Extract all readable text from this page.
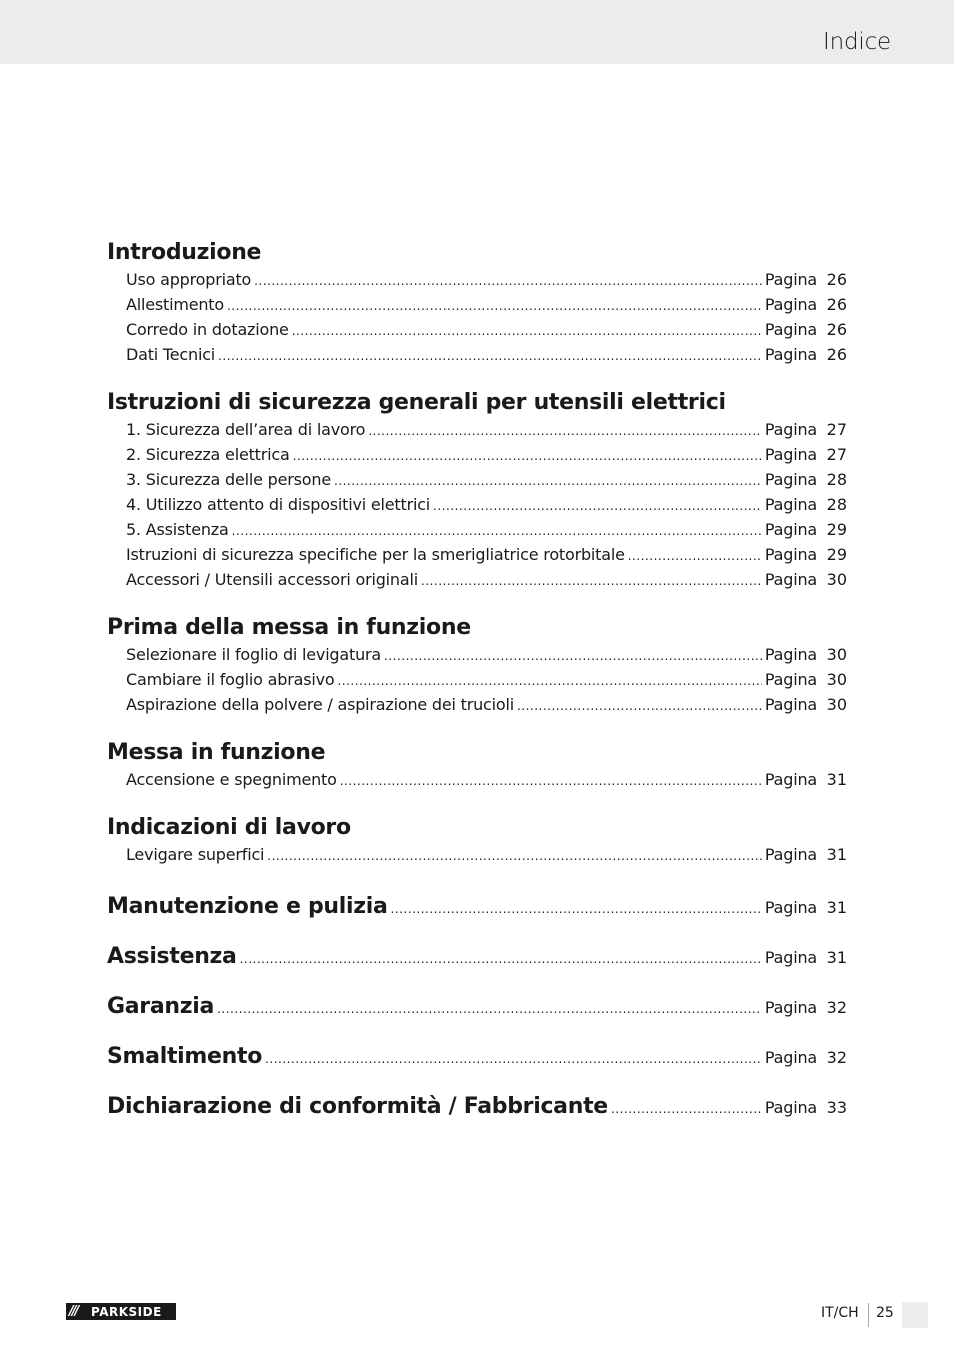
Indice
Introduzione
Uso appropriato .....	Pagina 26
Allestimento .....	Pagina 26
Corredo in dotazione .....	Pagina 26
Dati Tecnici .....	Pagina 26
Istruzioni di sicurezza generali per utensili elettrici
1. Sicurezza dell’area di lavoro .....	Pagina 27
2. Sicurezza elettrica .....	Pagina 27
3. Sicurezza delle persone .....	Pagina 28
4. Utilizzo attento di dispositivi elettrici .....	Pagina 28
5. Assistenza .....	Pagina 29
Istruzioni di sicurezza specifiche per la smerigliatrice rotorbitale .....	Pagina 29
Accessori / Utensili accessori originali .....	Pagina 30
Prima della messa in funzione
Selezionare il foglio di levigatura .....	Pagina 30
Cambiare il foglio abrasivo .....	Pagina 30
Aspirazione della polvere / aspirazione dei trucioli .....	Pagina 30
Messa in funzione
Accensione e spegnimento .....	Pagina 31
Indicazioni di lavoro
Levigare superfici .....	Pagina 31
Manutenzione e pulizia .....	Pagina 31
Assistenza .....	Pagina 31
Garanzia .....	Pagina 32
Smaltimento .....	Pagina 32
Dichiarazione di conformità / Fabbricante .....	Pagina 33
///	PARKSIDE	IT/CH 25
